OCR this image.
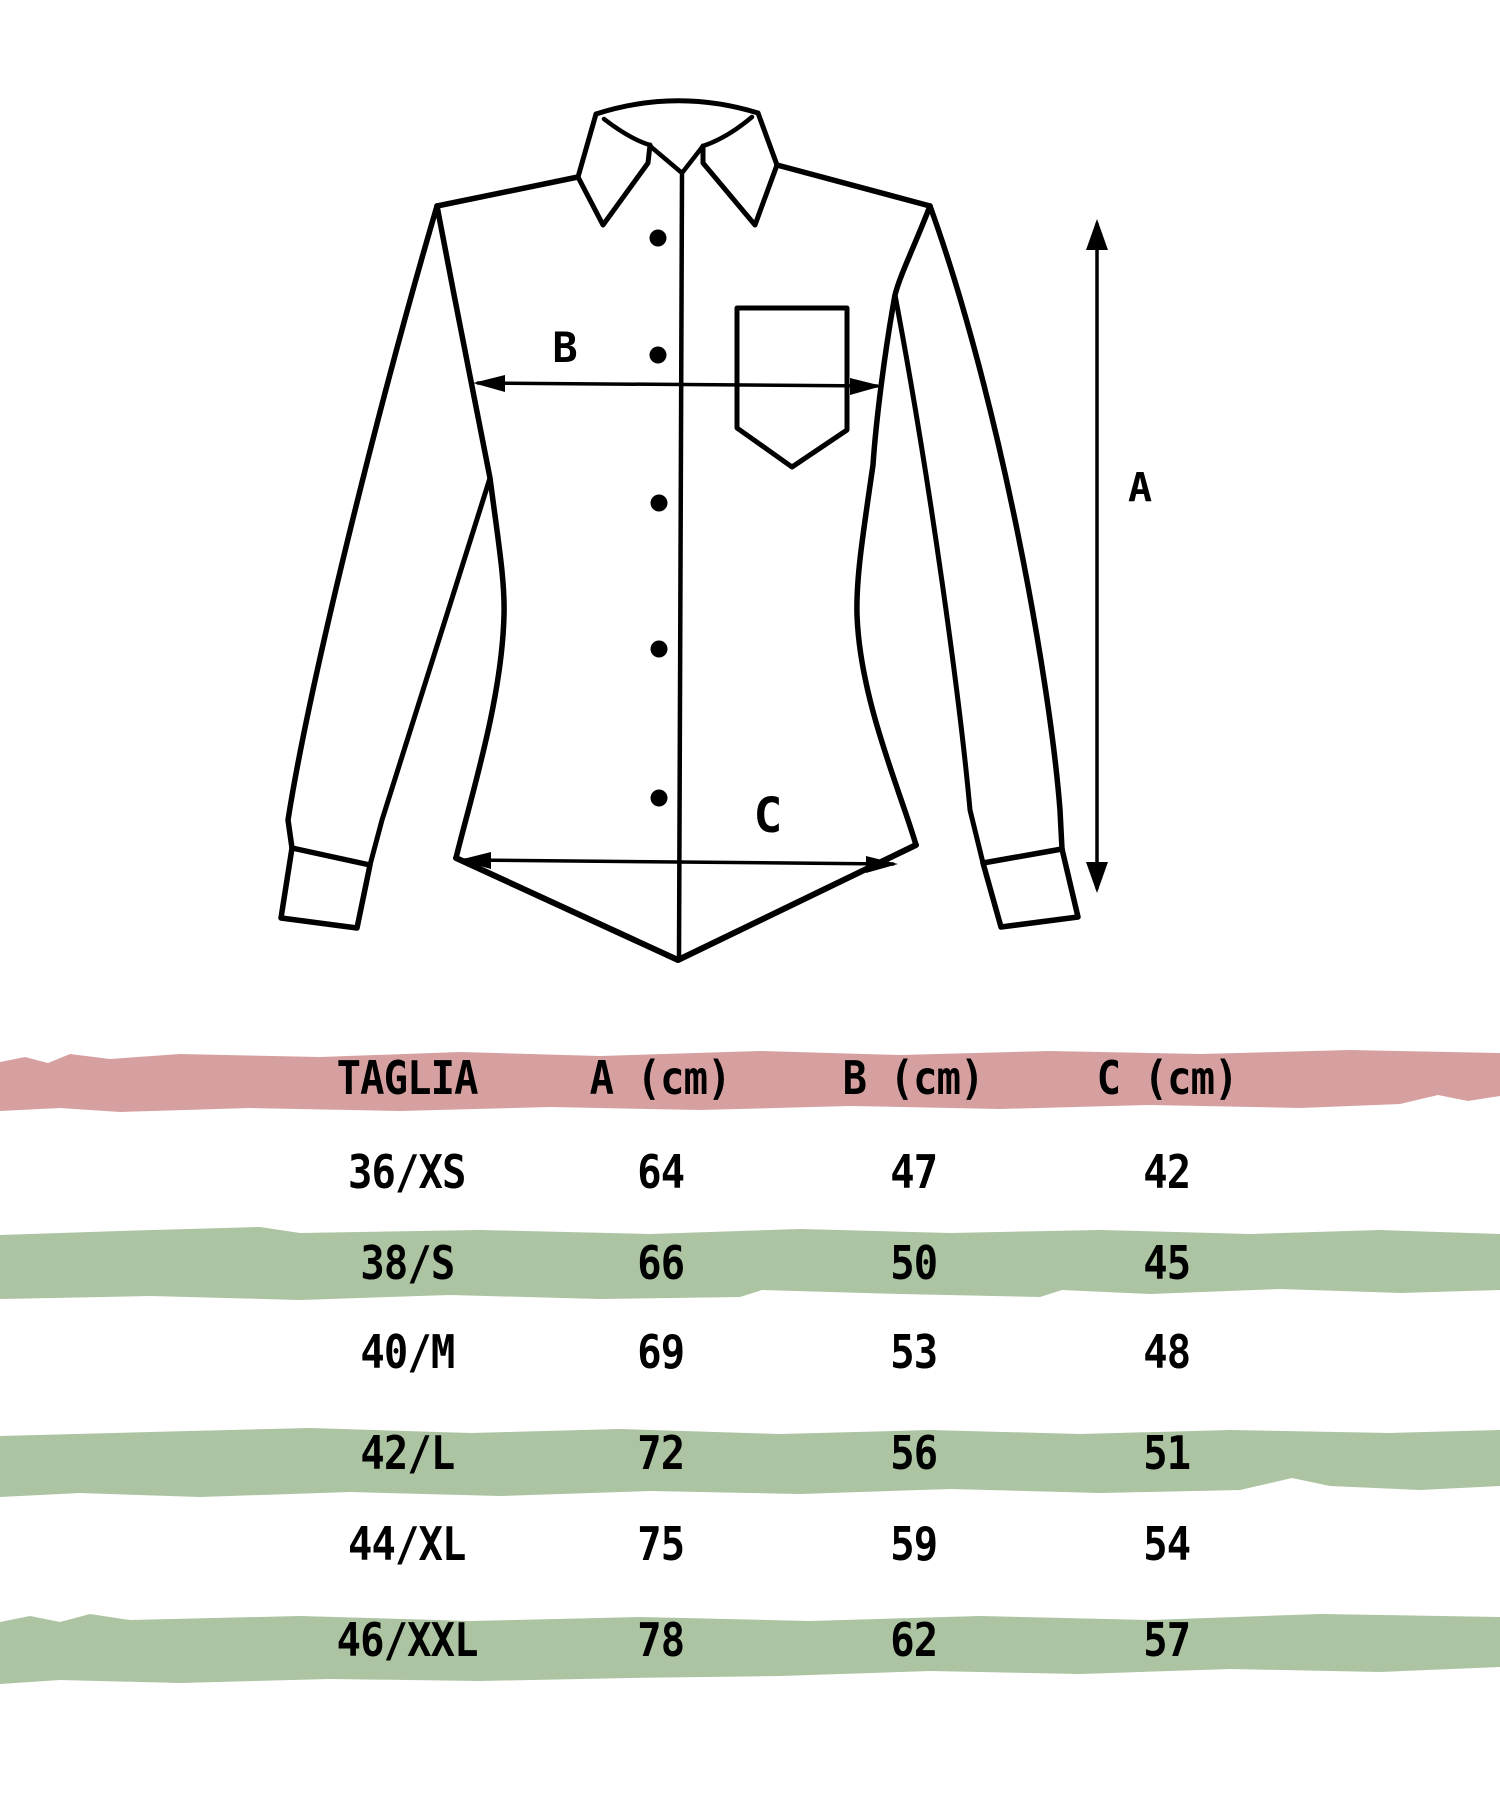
A
B
C
TAGLIA A (cm) B (cm) C (cm)
36/XS	64	47	42
38/S	66	50	45
40/M	69	53	48
42/L	72	56	51
44/XL	75	59	54
46/XXL	78	62	57
